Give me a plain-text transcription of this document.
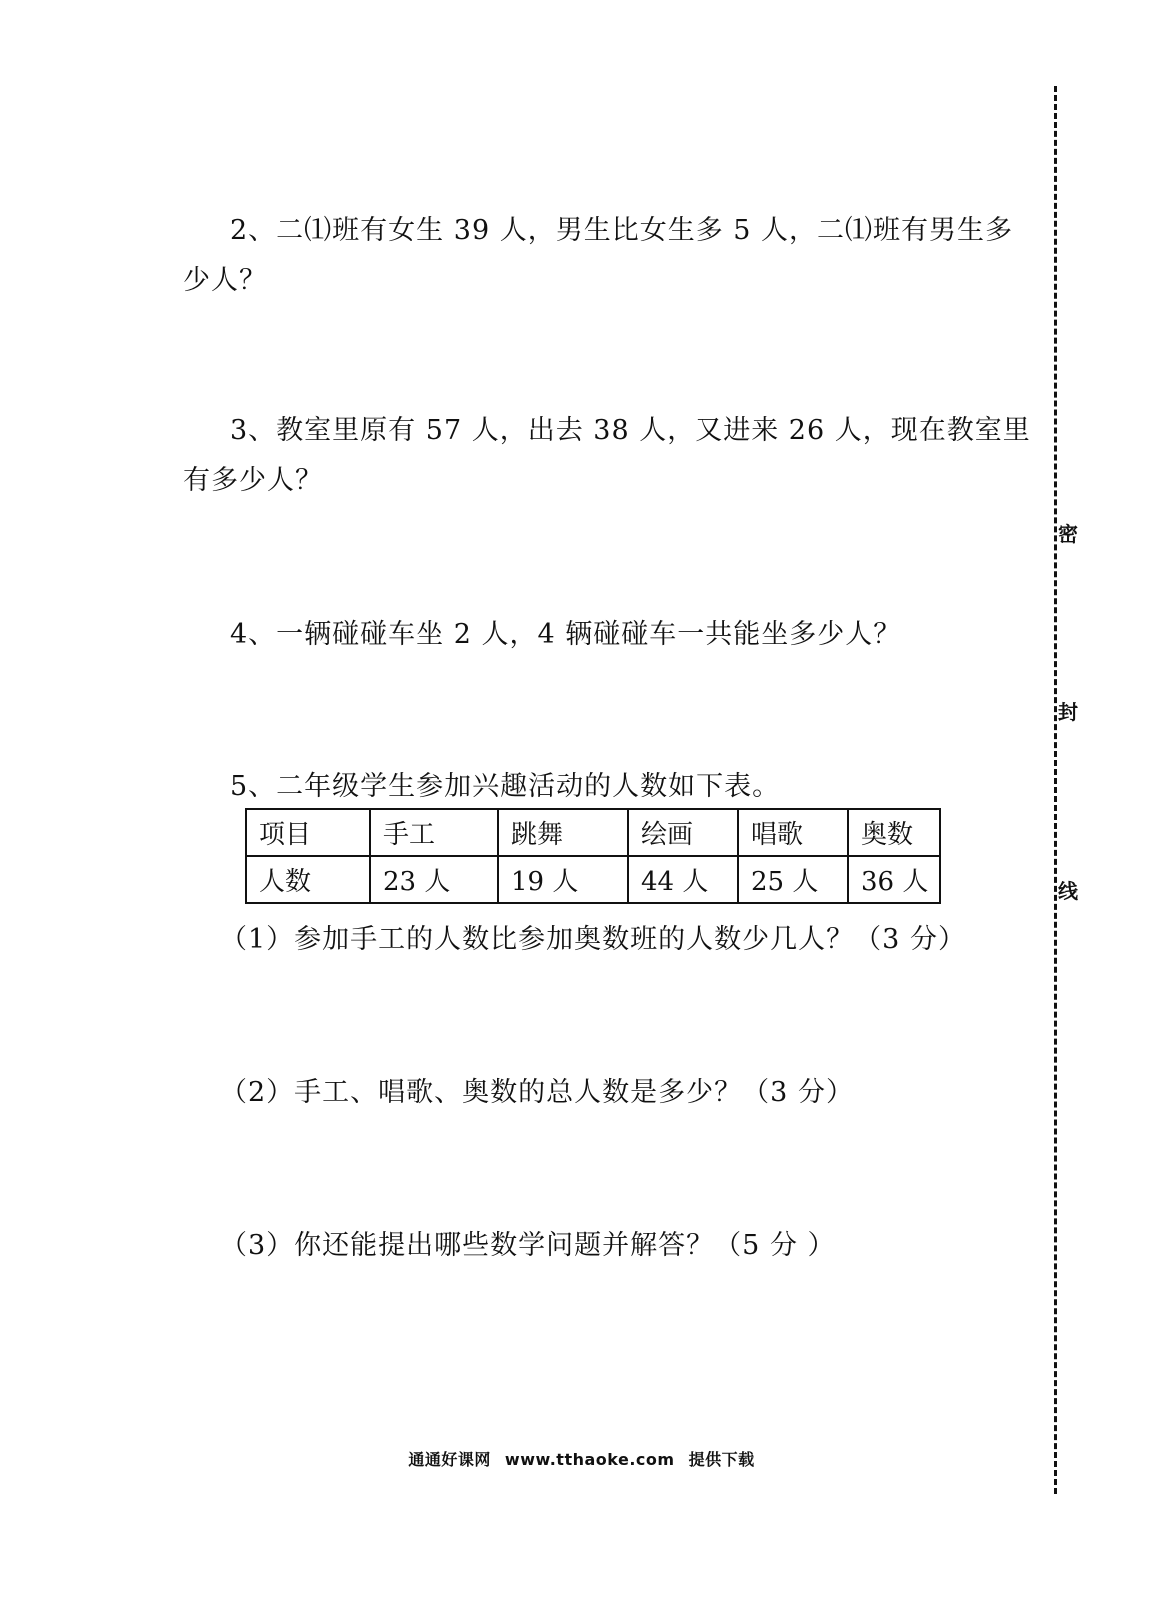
2、二⑴班有女生 39 人，男生比女生多 5 人，二⑴班有男生多
少人？
3、教室里原有 57 人，出去 38 人，又进来 26 人，现在教室里
有多少人？
4、一辆碰碰车坐 2 人，4 辆碰碰车一共能坐多少人？
5、二年级学生参加兴趣活动的人数如下表。
项目	手工	跳舞	绘画	唱歌	奥数
人数	23 人	19 人	44 人	25 人	36 人
（1）参加手工的人数比参加奥数班的人数少几人？（3 分）
（2）手工、唱歌、奥数的总人数是多少？（3 分）
（3）你还能提出哪些数学问题并解答？（5 分 ）
通通好课网 www.tthaoke.com 提供下载
密
封
线
